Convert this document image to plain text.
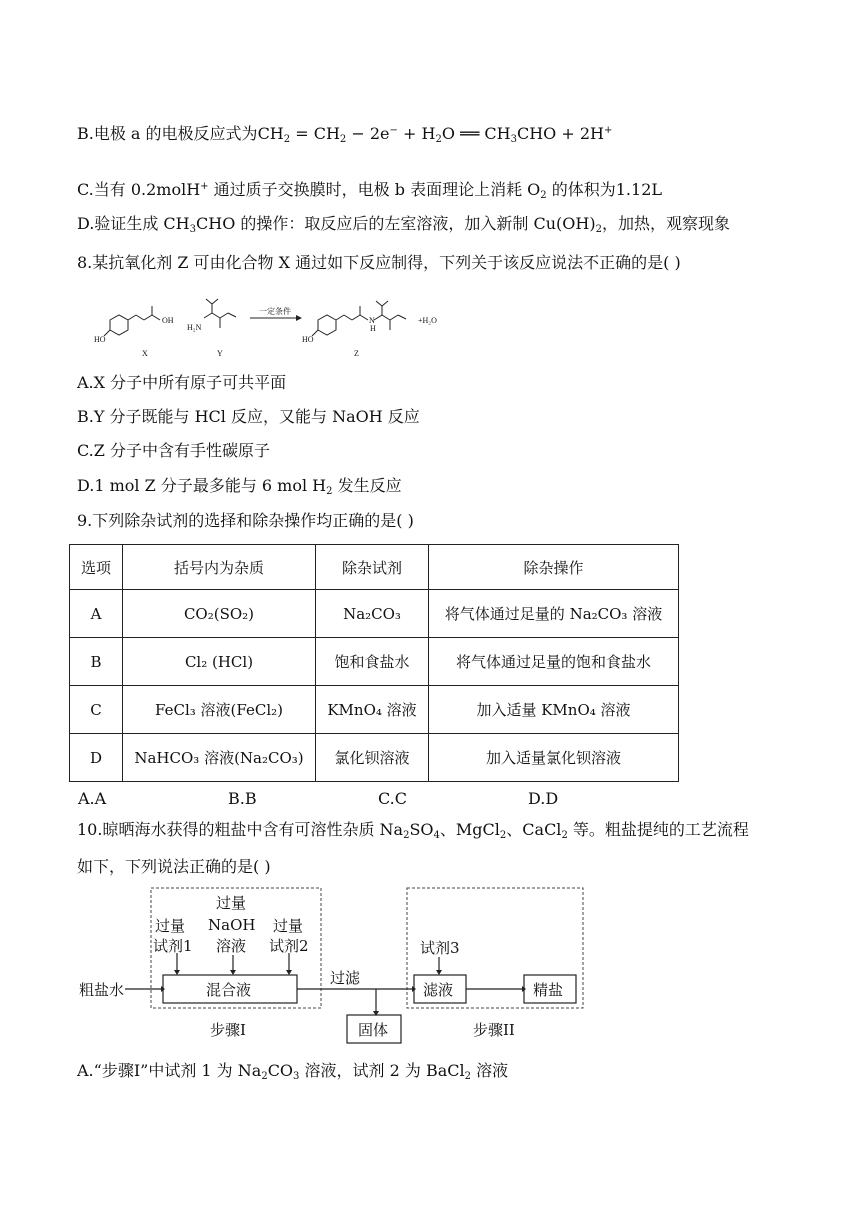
B.电极 a 的电极反应式为$CH_2 = CH_2 - 2e^- + H_2O$ ══ $CH_3CHO + 2H^+$
C.当有 0.2molH+ 通过质子交换膜时，电极 b 表面理论上消耗 $O_2$ 的体积为1.12L
D.验证生成 $CH_3CHO$ 的操作：取反应后的左室溶液，加入新制 $Cu(OH)_2$，加热，观察现象
8.某抗氧化剂 Z 可由化合物 X 通过如下反应制得，下列关于该反应说法不正确的是( )
HO
OH
H₂N
一定条件
HO
N
H
+H₂O
X	Y	Z
A.X 分子中所有原子可共平面
B.Y 分子既能与 HCl 反应，又能与 NaOH 反应
C.Z 分子中含有手性碳原子
D.1 mol Z 分子最多能与 6 mol $H_2$ 发生反应
9.下列除杂试剂的选择和除杂操作均正确的是( )
选项	括号内为杂质	除杂试剂	除杂操作
A	CO₂(SO₂)	Na₂CO₃	将气体通过足量的 Na₂CO₃ 溶液
B	Cl₂ (HCl)	饱和食盐水	将气体通过足量的饱和食盐水
C	FeCl₃ 溶液(FeCl₂)	KMnO₄ 溶液	加入适量 KMnO₄ 溶液
D	NaHCO₃ 溶液(Na₂CO₃)	氯化钡溶液	加入适量氯化钡溶液
A.A	B.B	C.C	D.D
10.晾晒海水获得的粗盐中含有可溶性杂质 $Na_2SO_4$、MgCl$_2$、CaCl$_2$ 等。粗盐提纯的工艺流程
如下，下列说法正确的是( )
过量
试剂1
过量
NaOH
溶液
过量
试剂2
粗盐水	混合液
过滤
滤液	精盐
试剂3
固体
步骤I	步骤II
A.“步骤Ⅰ”中试剂 1 为 $Na_2CO_3$ 溶液，试剂 2 为 BaCl$_2$ 溶液
